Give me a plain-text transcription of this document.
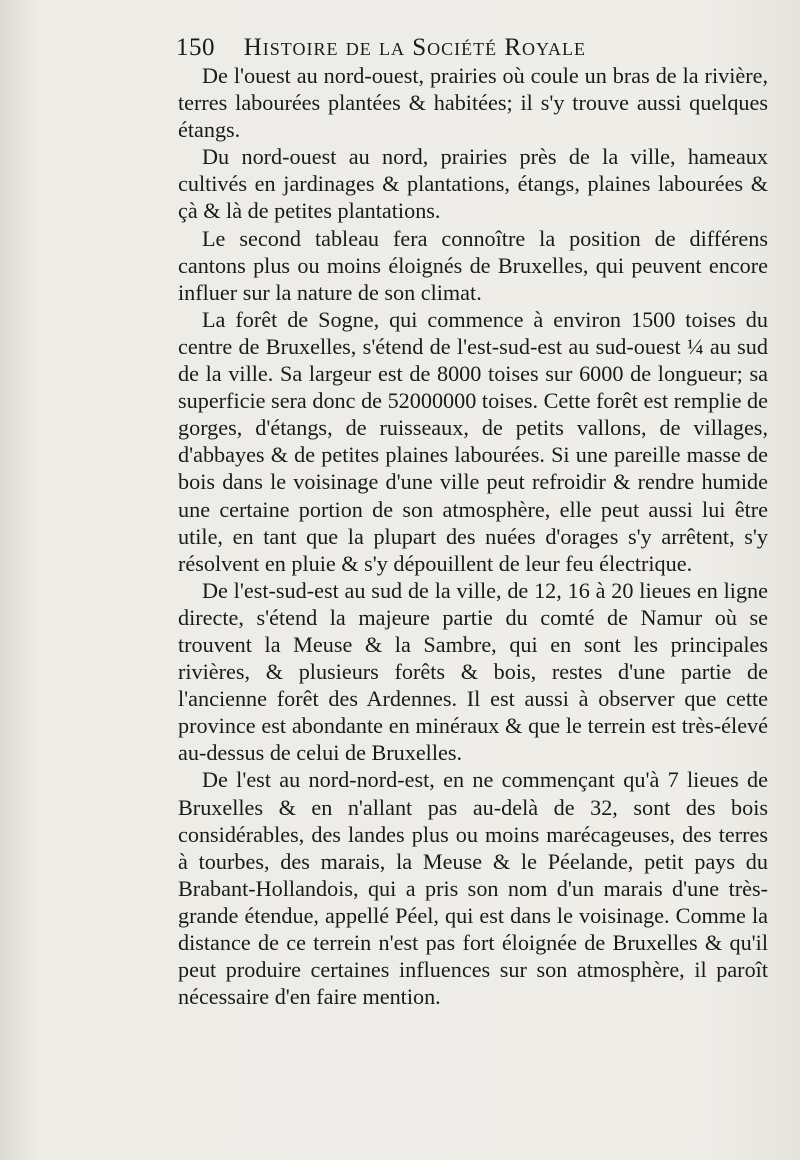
150 Histoire de la Société Royale

De l'ouest au nord-ouest, prairies où coule un bras de la rivière, terres labourées plantées & habitées; il s'y trouve aussi quelques étangs.

Du nord-ouest au nord, prairies près de la ville, hameaux cultivés en jardinages & plantations, étangs, plaines labourées & çà & là de petites plantations.

Le second tableau fera connoître la position de différens cantons plus ou moins éloignés de Bruxelles, qui peuvent encore influer sur la nature de son climat.

La forêt de Sogne, qui commence à environ 1500 toises du centre de Bruxelles, s'étend de l'est-sud-est au sud-ouest ¼ au sud de la ville. Sa largeur est de 8000 toises sur 6000 de longueur; sa superficie sera donc de 52000000 toises. Cette forêt est remplie de gorges, d'étangs, de ruisseaux, de petits vallons, de villages, d'abbayes & de petites plaines labourées. Si une pareille masse de bois dans le voisinage d'une ville peut refroidir & rendre humide une certaine portion de son atmosphère, elle peut aussi lui être utile, en tant que la plupart des nuées d'orages s'y arrêtent, s'y résolvent en pluie & s'y dépouillent de leur feu électrique.

De l'est-sud-est au sud de la ville, de 12, 16 à 20 lieues en ligne directe, s'étend la majeure partie du comté de Namur où se trouvent la Meuse & la Sambre, qui en sont les principales rivières, & plusieurs forêts & bois, restes d'une partie de l'ancienne forêt des Ardennes. Il est aussi à observer que cette province est abondante en minéraux & que le terrein est très-élevé au-dessus de celui de Bruxelles.

De l'est au nord-nord-est, en ne commençant qu'à 7 lieues de Bruxelles & en n'allant pas au-delà de 32, sont des bois considérables, des landes plus ou moins marécageuses, des terres à tourbes, des marais, la Meuse & le Péelande, petit pays du Brabant-Hollandois, qui a pris son nom d'un marais d'une très-grande étendue, appellé Péel, qui est dans le voisinage. Comme la distance de ce terrein n'est pas fort éloignée de Bruxelles & qu'il peut produire certaines influences sur son atmosphère, il paroît nécessaire d'en faire mention.
